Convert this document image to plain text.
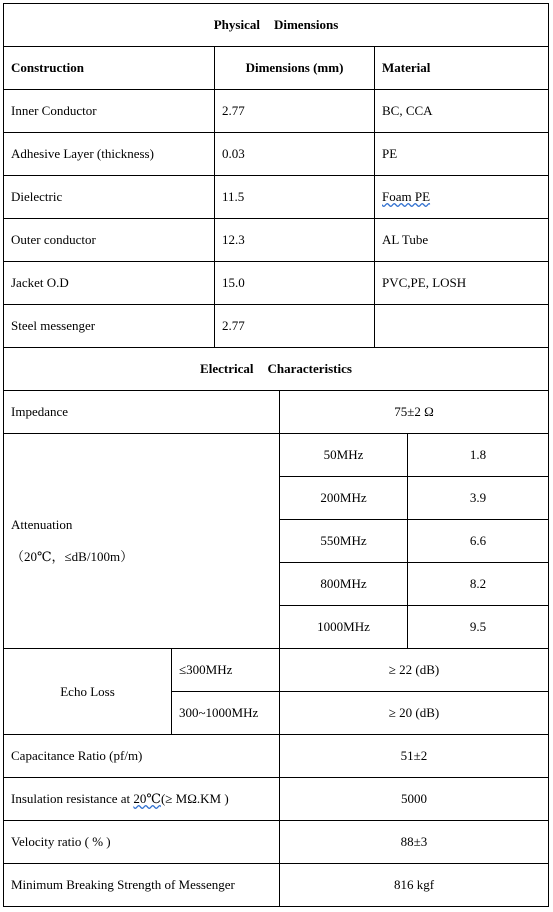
Physical Dimensions
Construction	Dimensions (mm)	Material
Inner Conductor	2.77	BC, CCA
Adhesive Layer (thickness)	0.03	PE
Dielectric	11.5	Foam PE
Outer conductor	12.3	AL Tube
Jacket O.D	15.0	PVC,PE, LOSH
Steel messenger	2.77
Electrical Characteristics
Impedance	75±2 Ω
Attenuation
（20℃，≤dB/100m）
50MHz	1.8
200MHz	3.9
550MHz	6.6
800MHz	8.2
1000MHz	9.5
Echo Loss
≤300MHz	≥ 22 (dB)
300~1000MHz	≥ 20 (dB)
Capacitance Ratio (pf/m)	51±2
Insulation resistance at
20℃ (≥ MΩ.KM )	5000
Velocity ratio ( % )	88±3
Minimum Breaking Strength of Messenger	816 kgf
